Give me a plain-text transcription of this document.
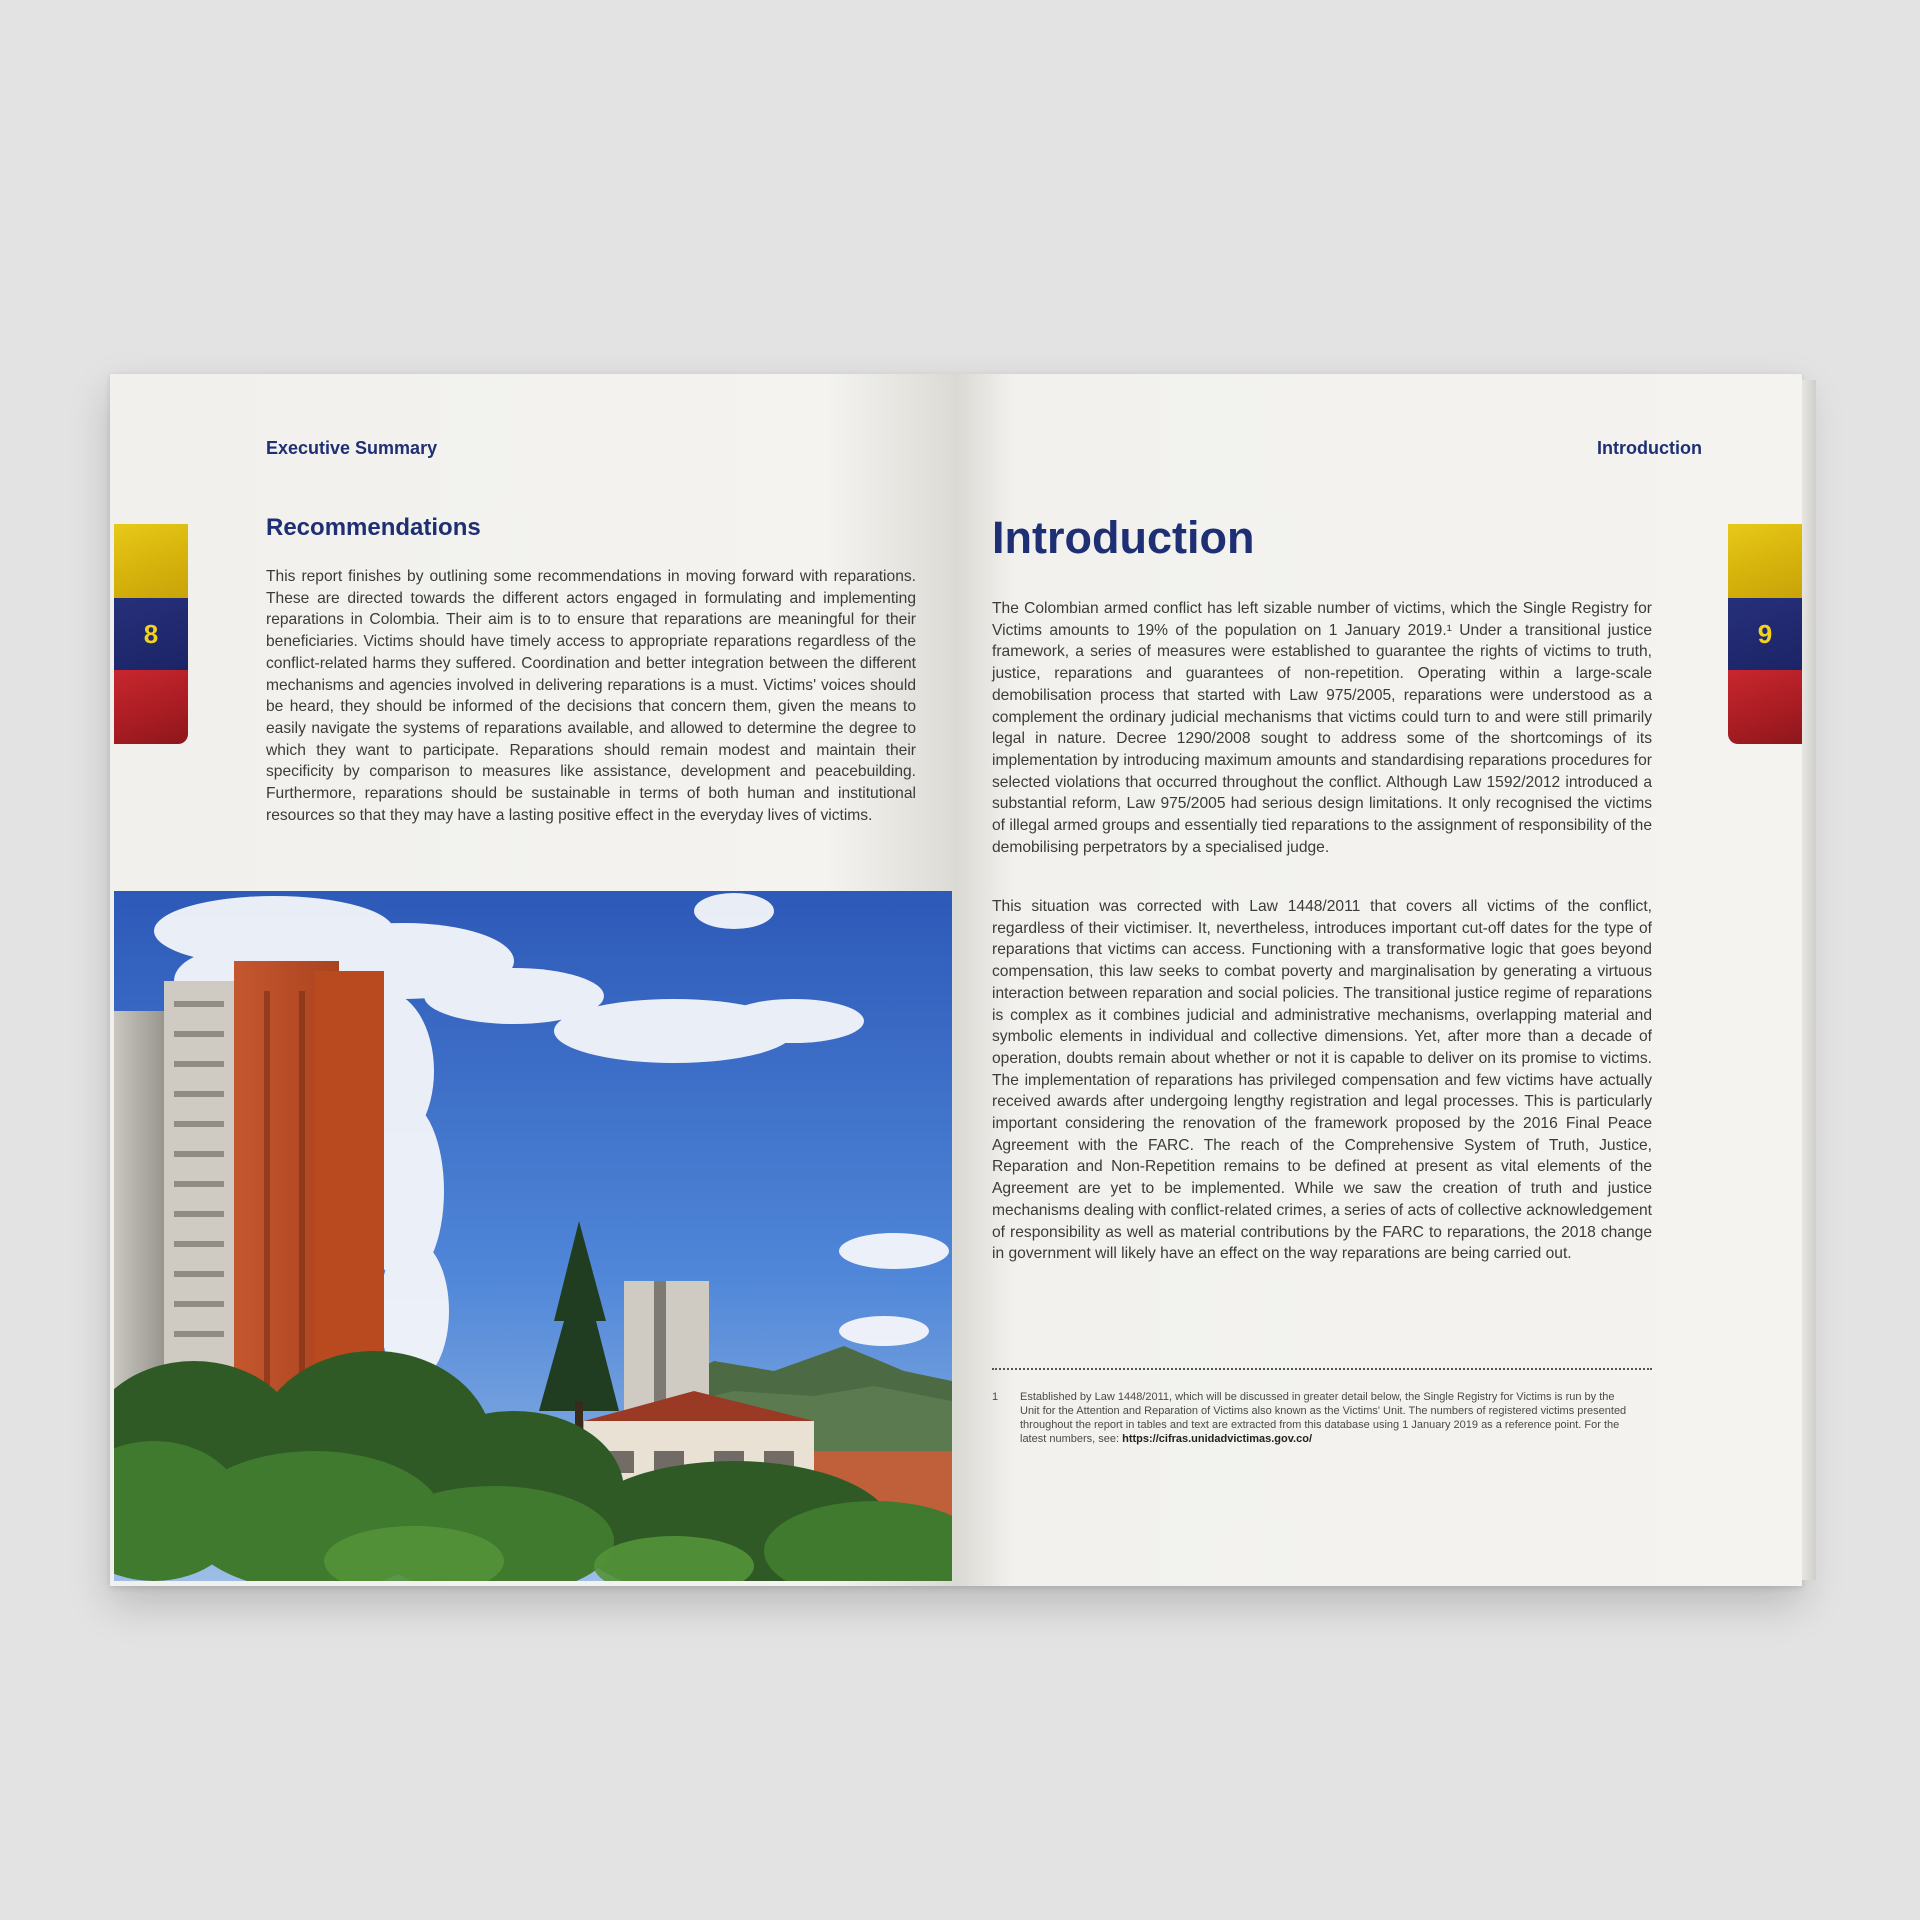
Executive Summary
8
Recommendations

This report finishes by outlining some recommendations in moving forward with reparations. These are directed towards the different actors engaged in formulating and implementing reparations in Colombia. Their aim is to to ensure that reparations are meaningful for their beneficiaries. Victims should have timely access to appropriate reparations regardless of the conflict-related harms they suffered. Coordination and better integration between the different mechanisms and agencies involved in delivering reparations is a must. Victims' voices should be heard, they should be informed of the decisions that concern them, given the means to easily navigate the systems of reparations available, and allowed to determine the degree to which they want to participate. Reparations should remain modest and maintain their specificity by comparison to measures like assistance, development and peacebuilding. Furthermore, reparations should be sustainable in terms of both human and institutional resources so that they may have a lasting positive effect in the everyday lives of victims.

Introduction
9
Introduction

The Colombian armed conflict has left sizable number of victims, which the Single Registry for Victims amounts to 19% of the population on 1 January 2019.¹ Under a transitional justice framework, a series of measures were established to guarantee the rights of victims to truth, justice, reparations and guarantees of non-repetition. Operating within a large-scale demobilisation process that started with Law 975/2005, reparations were understood as a complement the ordinary judicial mechanisms that victims could turn to and were still primarily legal in nature. Decree 1290/2008 sought to address some of the shortcomings of its implementation by introducing maximum amounts and standardising reparations procedures for selected violations that occurred throughout the conflict. Although Law 1592/2012 introduced a substantial reform, Law 975/2005 had serious design limitations. It only recognised the victims of illegal armed groups and essentially tied reparations to the assignment of responsibility of the demobilising perpetrators by a specialised judge.

This situation was corrected with Law 1448/2011 that covers all victims of the conflict, regardless of their victimiser. It, nevertheless, introduces important cut-off dates for the type of reparations that victims can access. Functioning with a transformative logic that goes beyond compensation, this law seeks to combat poverty and marginalisation by generating a virtuous interaction between reparation and social policies. The transitional justice regime of reparations is complex as it combines judicial and administrative mechanisms, overlapping material and symbolic elements in individual and collective dimensions. Yet, after more than a decade of operation, doubts remain about whether or not it is capable to deliver on its promise to victims. The implementation of reparations has privileged compensation and few victims have actually received awards after undergoing lengthy registration and legal processes. This is particularly important considering the renovation of the framework proposed by the 2016 Final Peace Agreement with the FARC. The reach of the Comprehensive System of Truth, Justice, Reparation and Non-Repetition remains to be defined at present as vital elements of the Agreement are yet to be implemented. While we saw the creation of truth and justice mechanisms dealing with conflict-related crimes, a series of acts of collective acknowledgement of responsibility as well as material contributions by the FARC to reparations, the 2018 change in government will likely have an effect on the way reparations are being carried out.

1 Established by Law 1448/2011, which will be discussed in greater detail below, the Single Registry for Victims is run by the Unit for the Attention and Reparation of Victims also known as the Victims' Unit. The numbers of registered victims presented throughout the report in tables and text are extracted from this database using 1 January 2019 as a reference point. For the latest numbers, see: https://cifras.unidadvictimas.gov.co/
